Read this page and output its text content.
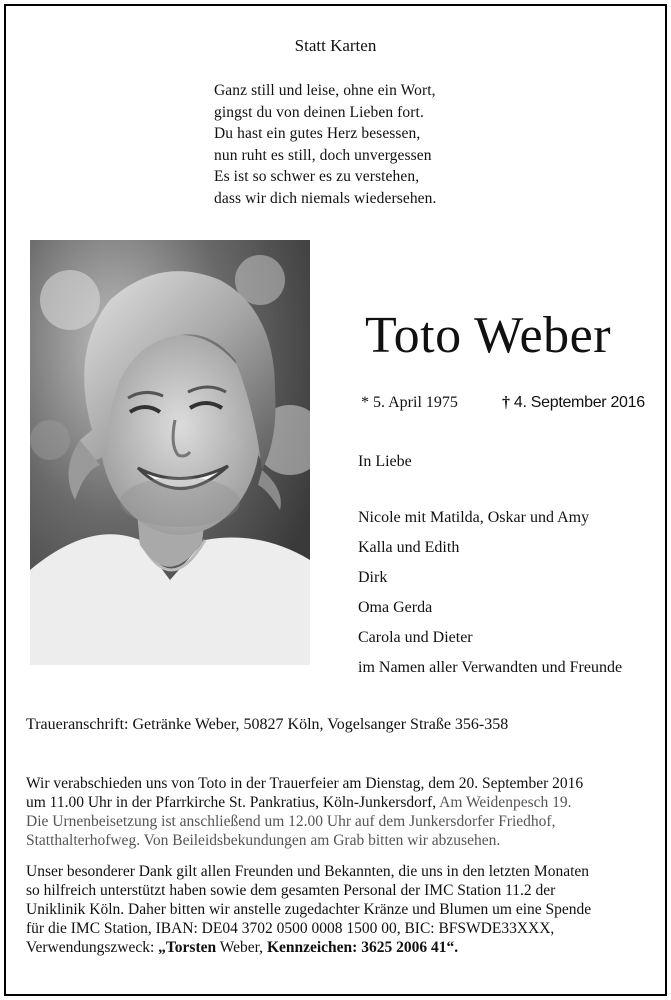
Statt Karten
Ganz still und leise, ohne ein Wort,
gingst du von deinen Lieben fort.
Du hast ein gutes Herz besessen,
nun ruht es still, doch unvergessen
Es ist so schwer es zu verstehen,
dass wir dich niemals wiedersehen.
Toto Weber
* 5. April 1975	† 4. September 2016
In Liebe
Nicole mit Matilda, Oskar und Amy
Kalla und Edith
Dirk
Oma Gerda
Carola und Dieter
im Namen aller Verwandten und Freunde
Traueranschrift: Getränke Weber, 50827 Köln, Vogelsanger Straße 356-358
Wir verabschieden uns von Toto in der Trauerfeier am Dienstag, dem 20. September 2016
um 11.00 Uhr in der Pfarrkirche St. Pankratius, Köln-Junkersdorf, Am Weidenpesch 19.
Die Urnenbeisetzung ist anschließend um 12.00 Uhr auf dem Junkersdorfer Friedhof,
Statthalterhofweg. Von Beileidsbekundungen am Grab bitten wir abzusehen.
Unser besonderer Dank gilt allen Freunden und Bekannten, die uns in den letzten Monaten
so hilfreich unterstützt haben sowie dem gesamten Personal der IMC Station 11.2 der
Uniklinik Köln. Daher bitten wir anstelle zugedachter Kränze und Blumen um eine Spende
für die IMC Station, IBAN: DE04 3702 0500 0008 1500 00, BIC: BFSWDE33XXX,
Verwendungszweck: „Torsten Weber, Kennzeichen: 3625 2006 41“.
